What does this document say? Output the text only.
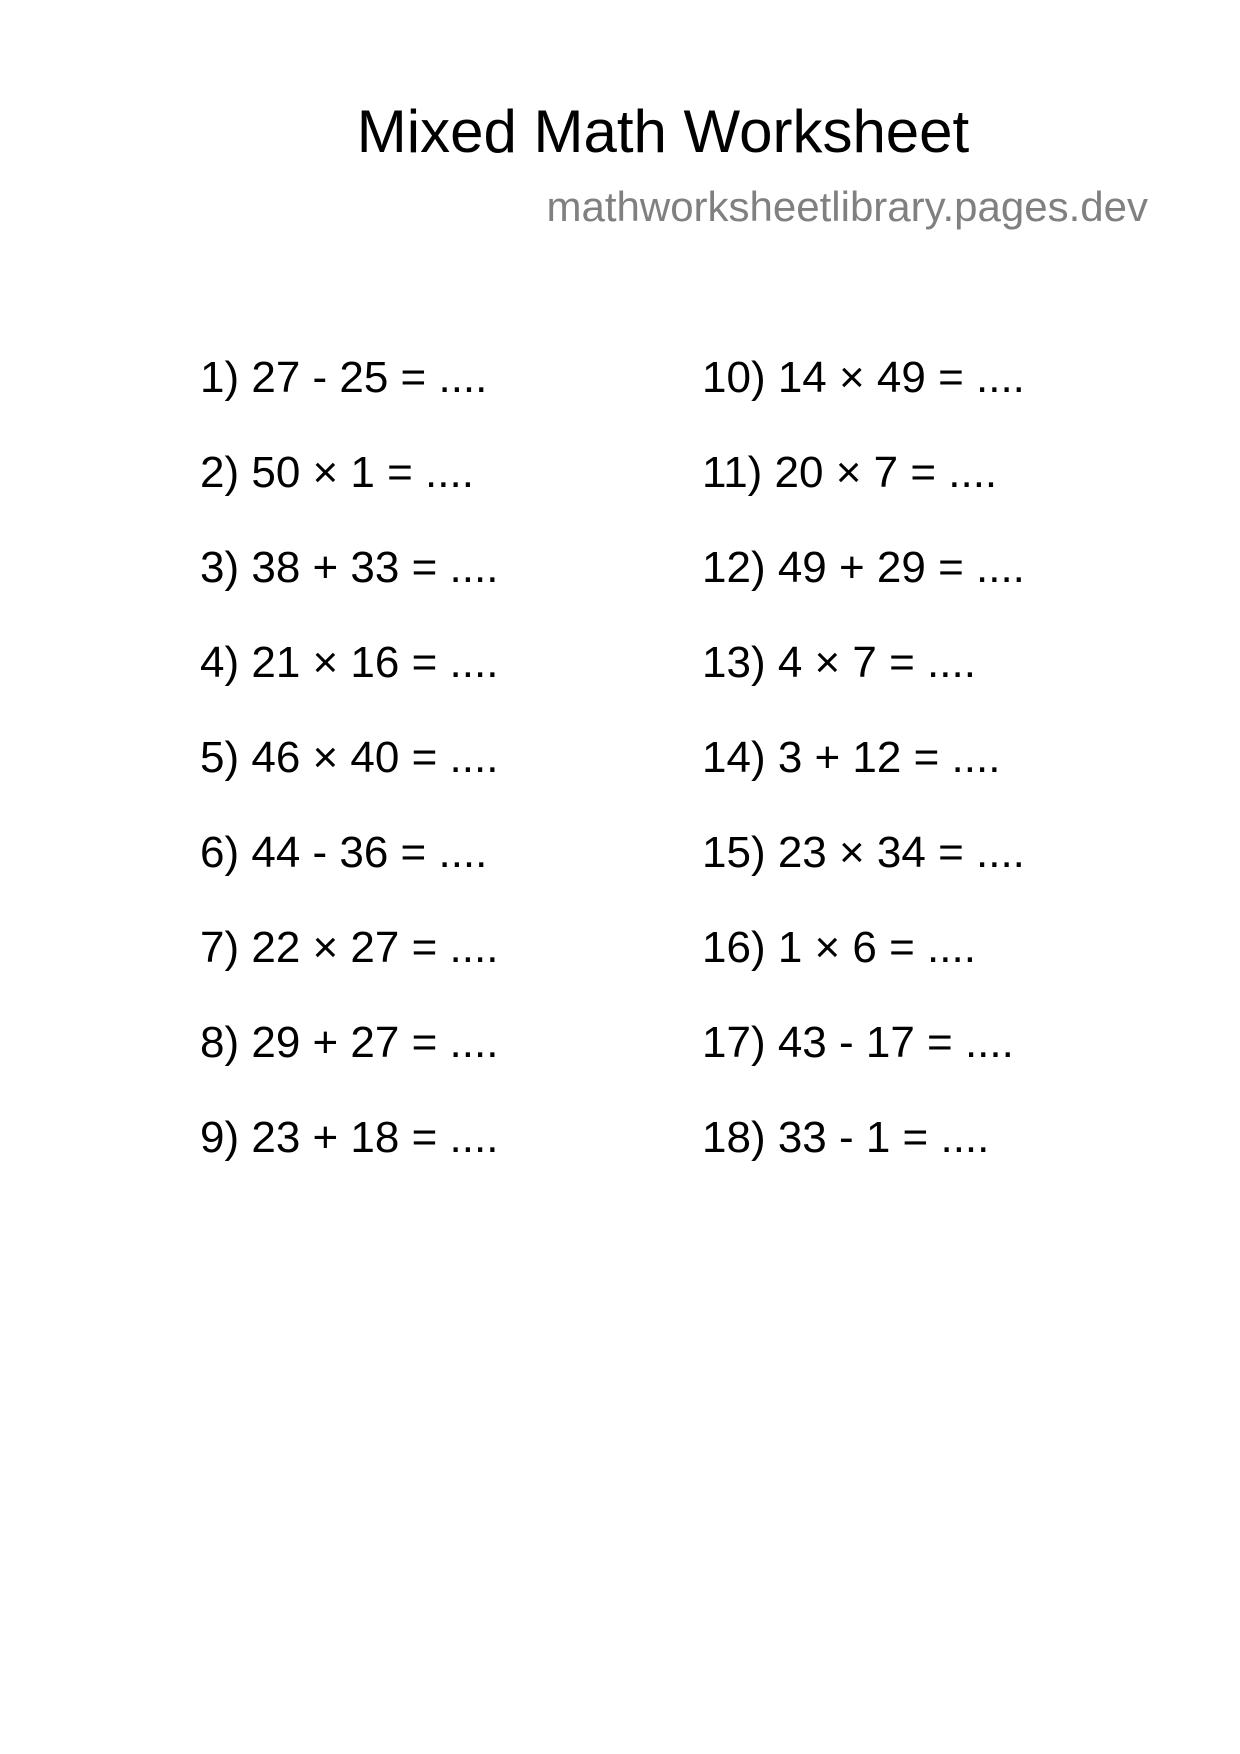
Mixed Math Worksheet
mathworksheetlibrary.pages.dev
1) 27 - 25 = ....
2) 50 × 1 = ....
3) 38 + 33 = ....
4) 21 × 16 = ....
5) 46 × 40 = ....
6) 44 - 36 = ....
7) 22 × 27 = ....
8) 29 + 27 = ....
9) 23 + 18 = ....
10) 14 × 49 = ....
11) 20 × 7 = ....
12) 49 + 29 = ....
13) 4 × 7 = ....
14) 3 + 12 = ....
15) 23 × 34 = ....
16) 1 × 6 = ....
17) 43 - 17 = ....
18) 33 - 1 = ....
